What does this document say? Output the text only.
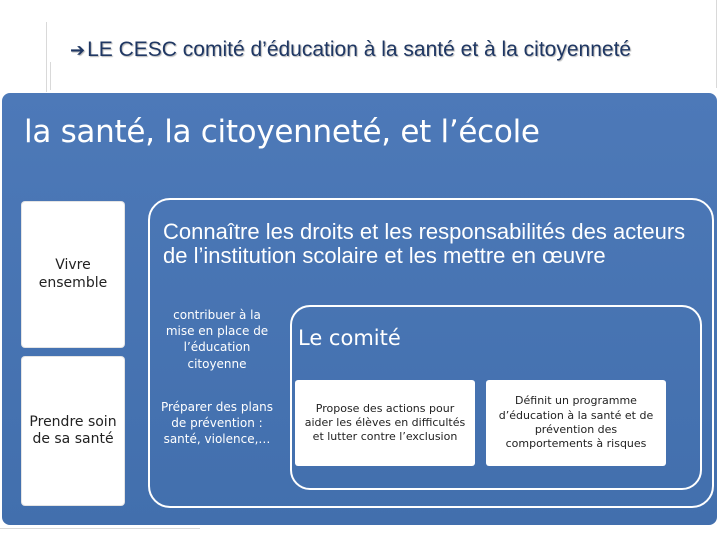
➔LE CESC comité d’éducation à la santé et à la citoyenneté
la santé, la citoyenneté, et l’école
Vivre ensemble
Prendre soin de sa santé
Connaître les droits et les responsabilités des acteurs de l’institution scolaire et les mettre en œuvre
contribuer à la mise en place de l’éducation citoyenne
Préparer des plans de prévention : santé, violence,…
Le comité
Propose des actions pour aider les élèves en difficultés et lutter contre l’exclusion
Définit un programme d’éducation à la santé et de prévention des comportements à risques
